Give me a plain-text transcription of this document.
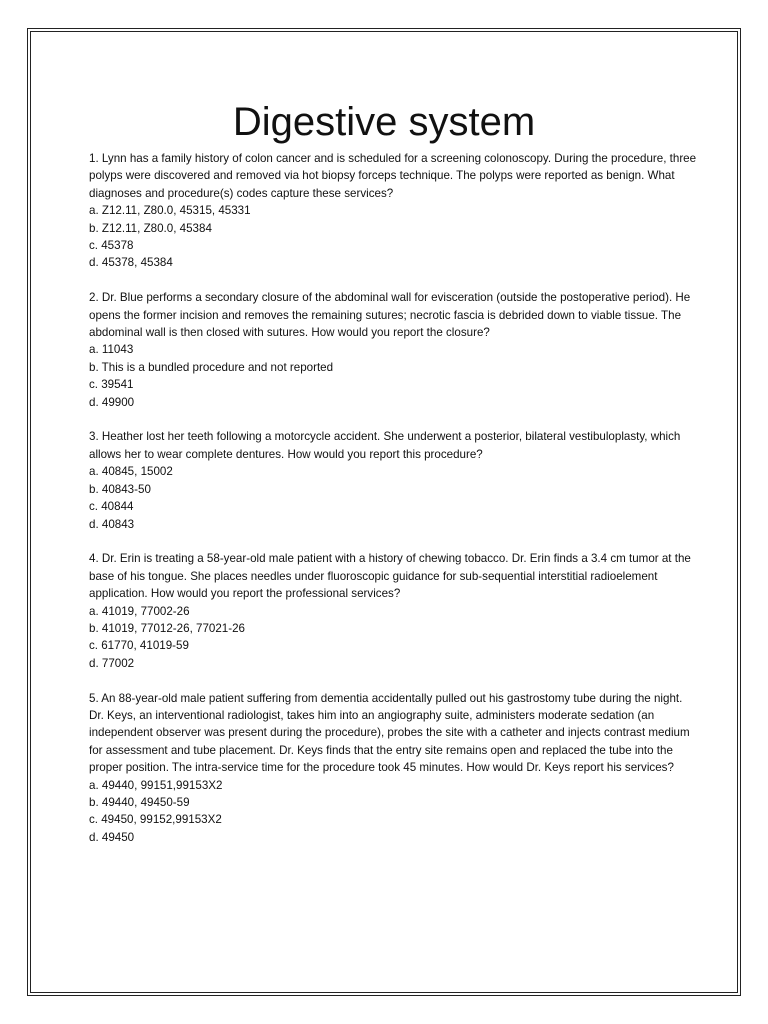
Digestive system

1. Lynn has a family history of colon cancer and is scheduled for a screening colonoscopy. During the procedure, three polyps were discovered and removed via hot biopsy forceps technique. The polyps were reported as benign. What diagnoses and procedure(s) codes capture these services?

a. Z12.11, Z80.0, 45315, 45331

b. Z12.11, Z80.0, 45384

c. 45378

d. 45378, 45384

2. Dr. Blue performs a secondary closure of the abdominal wall for evisceration (outside the postoperative period). He opens the former incision and removes the remaining sutures; necrotic fascia is debrided down to viable tissue. The abdominal wall is then closed with sutures. How would you report the closure?

a. 11043

b. This is a bundled procedure and not reported

c. 39541

d. 49900

3. Heather lost her teeth following a motorcycle accident. She underwent a posterior, bilateral vestibuloplasty, which allows her to wear complete dentures. How would you report this procedure?

a. 40845, 15002

b. 40843-50

c. 40844

d. 40843

4. Dr. Erin is treating a 58-year-old male patient with a history of chewing tobacco. Dr. Erin finds a 3.4 cm tumor at the base of his tongue. She places needles under fluoroscopic guidance for sub-sequential interstitial radioelement application. How would you report the professional services?

a. 41019, 77002-26

b. 41019, 77012-26, 77021-26

c. 61770, 41019-59

d. 77002

5. An 88-year-old male patient suffering from dementia accidentally pulled out his gastrostomy tube during the night. Dr. Keys, an interventional radiologist, takes him into an angiography suite, administers moderate sedation (an independent observer was present during the procedure), probes the site with a catheter and injects contrast medium for assessment and tube placement. Dr. Keys finds that the entry site remains open and replaced the tube into the proper position. The intra-service time for the procedure took 45 minutes. How would Dr. Keys report his services?

a. 49440, 99151,99153X2

b. 49440, 49450-59

c. 49450, 99152,99153X2

d. 49450
